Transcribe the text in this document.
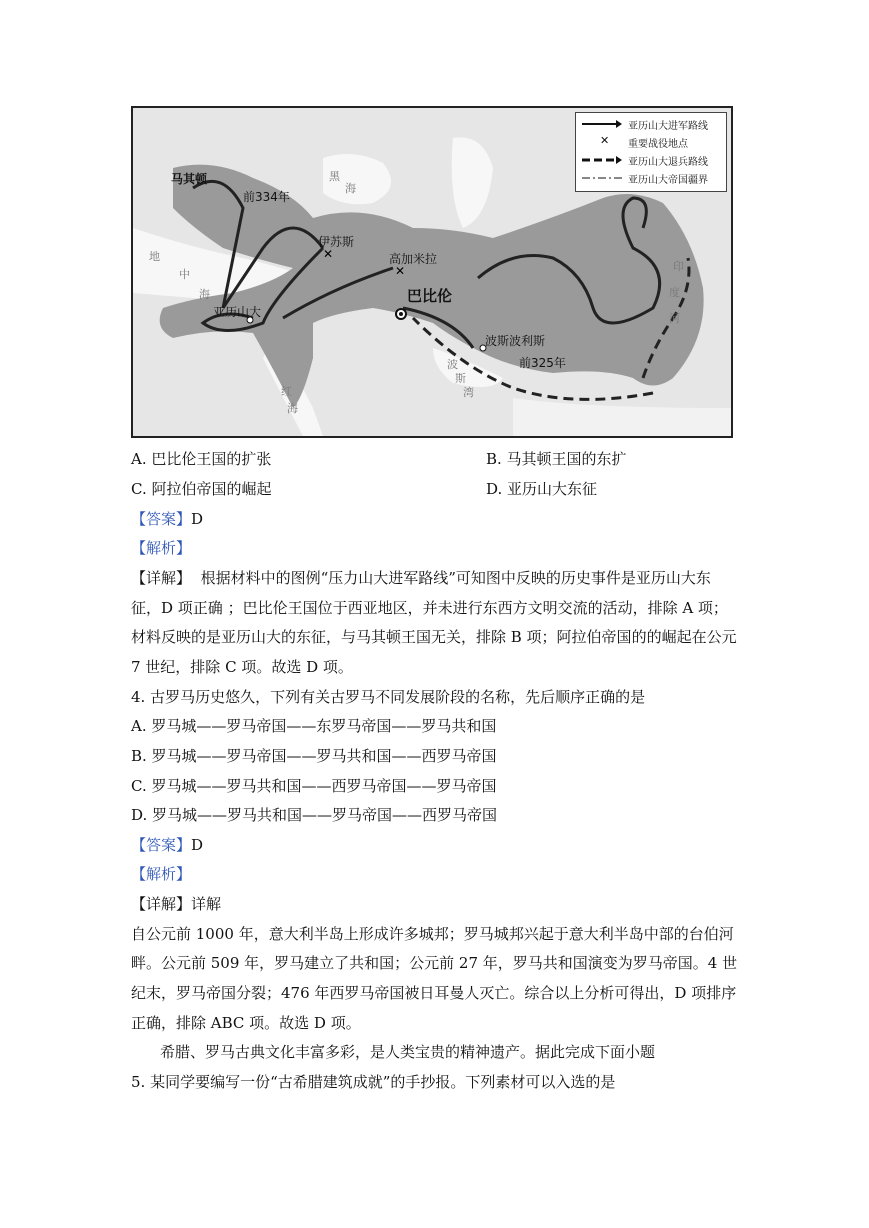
✕
✕
马其顿
前334年
伊苏斯
高加米拉
巴比伦
亚历山大
波斯波利斯
前325年
黑
海
地
中
海
红
海
波
斯
湾
印
度
河
亚历山大进军路线
✕ 重要战役地点
亚历山大退兵路线
亚历山大帝国疆界
A. 巴比伦王国的扩张	B. 马其顿王国的东扩
C. 阿拉伯帝国的崛起	D. 亚历山大东征
【答案】D
【解析】
【详解】 根据材料中的图例“压力山大进军路线”可知图中反映的历史事件是亚历山大东
征，D 项正确 ；巴比伦王国位于西亚地区，并未进行东西方文明交流的活动，排除 A 项；
材料反映的是亚历山大的东征，与马其顿王国无关，排除 B 项；阿拉伯帝国的的崛起在公元
7 世纪，排除 C 项。故选 D 项。
4. 古罗马历史悠久，下列有关古罗马不同发展阶段的名称，先后顺序正确的是
A. 罗马城——罗马帝国——东罗马帝国——罗马共和国
B. 罗马城——罗马帝国——罗马共和国——西罗马帝国
C. 罗马城——罗马共和国——西罗马帝国——罗马帝国
D. 罗马城——罗马共和国——罗马帝国——西罗马帝国
【答案】D
【解析】
【详解】详解
自公元前 1000 年，意大利半岛上形成许多城邦；罗马城邦兴起于意大利半岛中部的台伯河
畔。公元前 509 年，罗马建立了共和国；公元前 27 年，罗马共和国演变为罗马帝国。4 世
纪末，罗马帝国分裂；476 年西罗马帝国被日耳曼人灭亡。综合以上分析可得出，D 项排序
正确，排除 ABC 项。故选 D 项。
希腊、罗马古典文化丰富多彩，是人类宝贵的精神遗产。据此完成下面小题
5. 某同学要编写一份“古希腊建筑成就”的手抄报。下列素材可以入选的是
